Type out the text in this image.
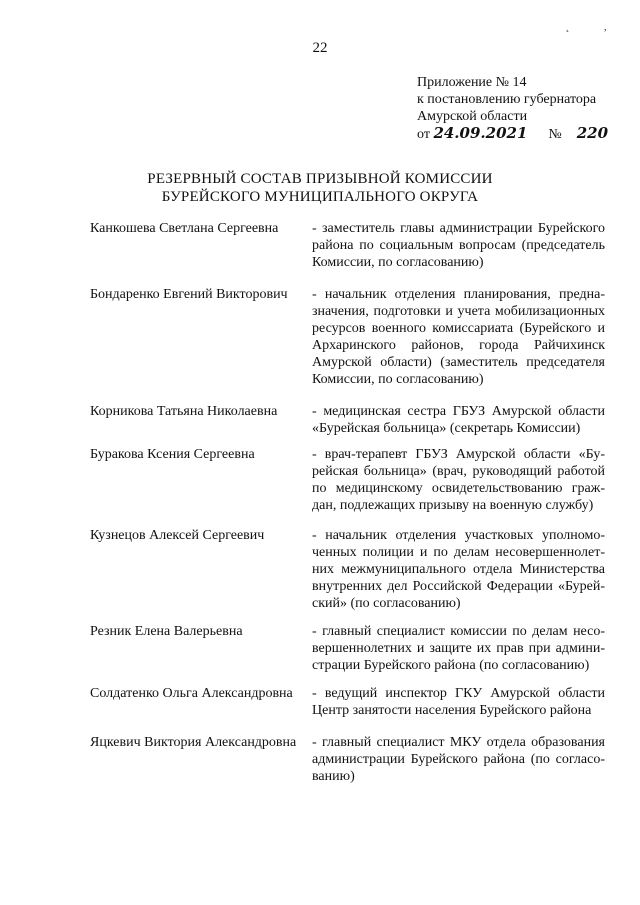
22
˛	,
Приложение № 14
к постановлению губернатора
Амурской области
от 24.09.2021 № 220
РЕЗЕРВНЫЙ СОСТАВ ПРИЗЫВНОЙ КОМИССИИ
БУРЕЙСКОГО МУНИЦИПАЛЬНОГО ОКРУГА
Канкошева Светлана Сергеевна	- заместитель главы администрации Бурейского
района по социальным вопросам (председатель
Комиссии, по согласованию)
Бондаренко Евгений Викторович	- начальник отделения планирования, предна-
значения, подготовки и учета мобилизационных
ресурсов военного комиссариата (Бурейского и
Архаринского районов, города Райчихинск
Амурской области) (заместитель председателя
Комиссии, по согласованию)
Корникова Татьяна Николаевна	- медицинская сестра ГБУЗ Амурской области
«Бурейская больница» (секретарь Комиссии)
Буракова Ксения Сергеевна	- врач-терапевт ГБУЗ Амурской области «Бу-
рейская больница» (врач, руководящий работой
по медицинскому освидетельствованию граж-
дан, подлежащих призыву на военную службу)
Кузнецов Алексей Сергеевич	- начальник отделения участковых уполномо-
ченных полиции и по делам несовершеннолет-
них межмуниципального отдела Министерства
внутренних дел Российской Федерации «Бурей-
ский» (по согласованию)
Резник Елена Валерьевна	- главный специалист комиссии по делам несо-
вершеннолетних и защите их прав при админи-
страции Бурейского района (по согласованию)
Солдатенко Ольга Александровна	- ведущий инспектор ГКУ Амурской области
Центр занятости населения Бурейского района
Яцкевич Виктория Александровна	- главный специалист МКУ отдела образования
администрации Бурейского района (по согласо-
ванию)
